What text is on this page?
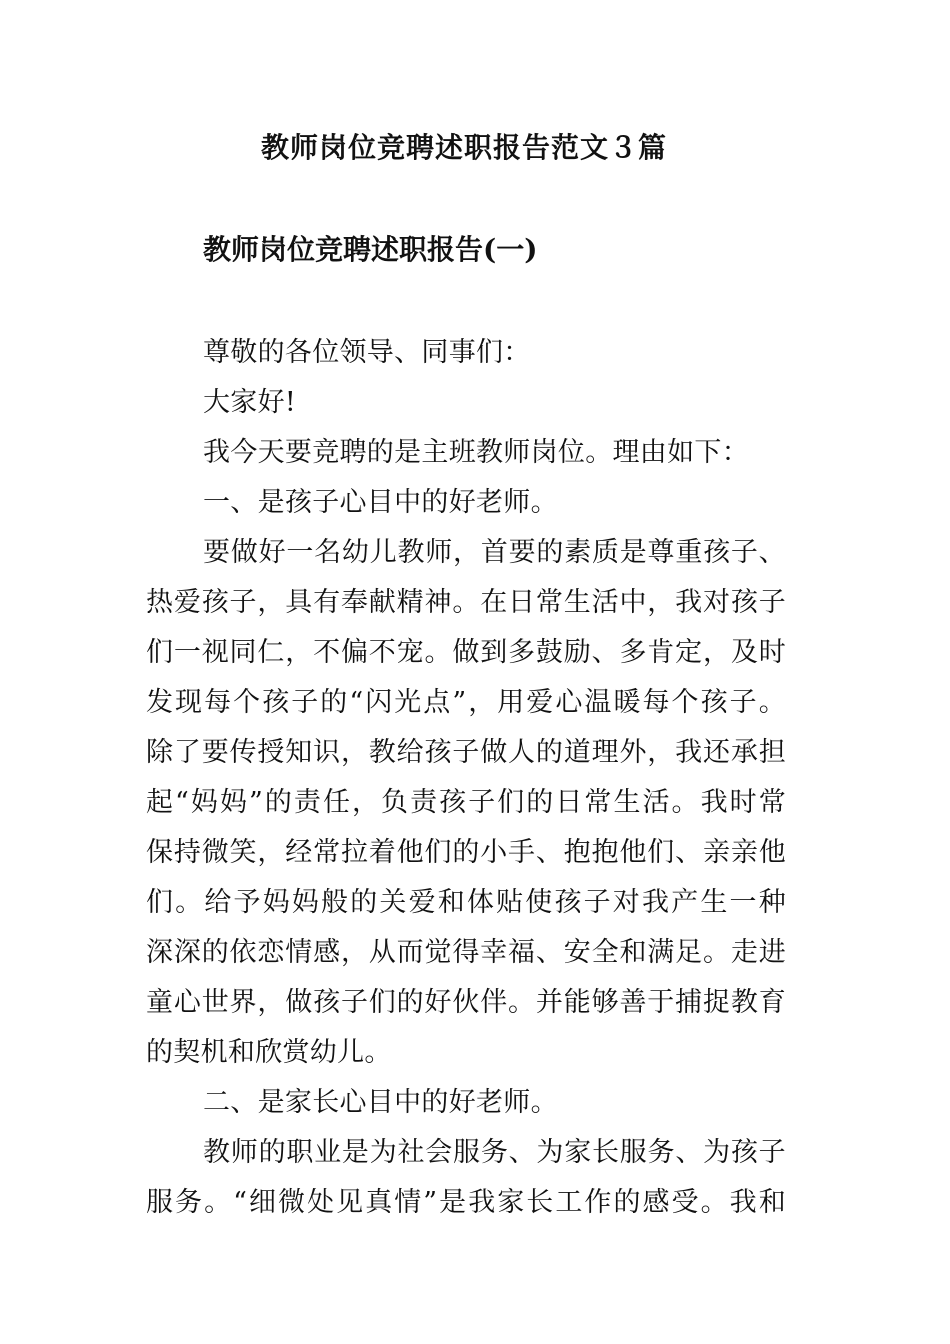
教师岗位竞聘述职报告范文３篇
教师岗位竞聘述职报告(一)
尊敬的各位领导、同事们：
大家好!
我今天要竞聘的是主班教师岗位。理由如下：
一、是孩子心目中的好老师。
要做好一名幼儿教师，首要的素质是尊重孩子、
热爱孩子，具有奉献精神。在日常生活中，我对孩子
们一视同仁，不偏不宠。做到多鼓励、多肯定，及时
发现每个孩子的“闪光点”，用爱心温暖每个孩子。
除了要传授知识，教给孩子做人的道理外，我还承担
起“妈妈”的责任，负责孩子们的日常生活。我时常
保持微笑，经常拉着他们的小手、抱抱他们、亲亲他
们。给予妈妈般的关爱和体贴使孩子对我产生一种
深深的依恋情感，从而觉得幸福、安全和满足。走进
童心世界，做孩子们的好伙伴。并能够善于捕捉教育
的契机和欣赏幼儿。
二、是家长心目中的好老师。
教师的职业是为社会服务、为家长服务、为孩子
服务。“细微处见真情”是我家长工作的感受。我和
